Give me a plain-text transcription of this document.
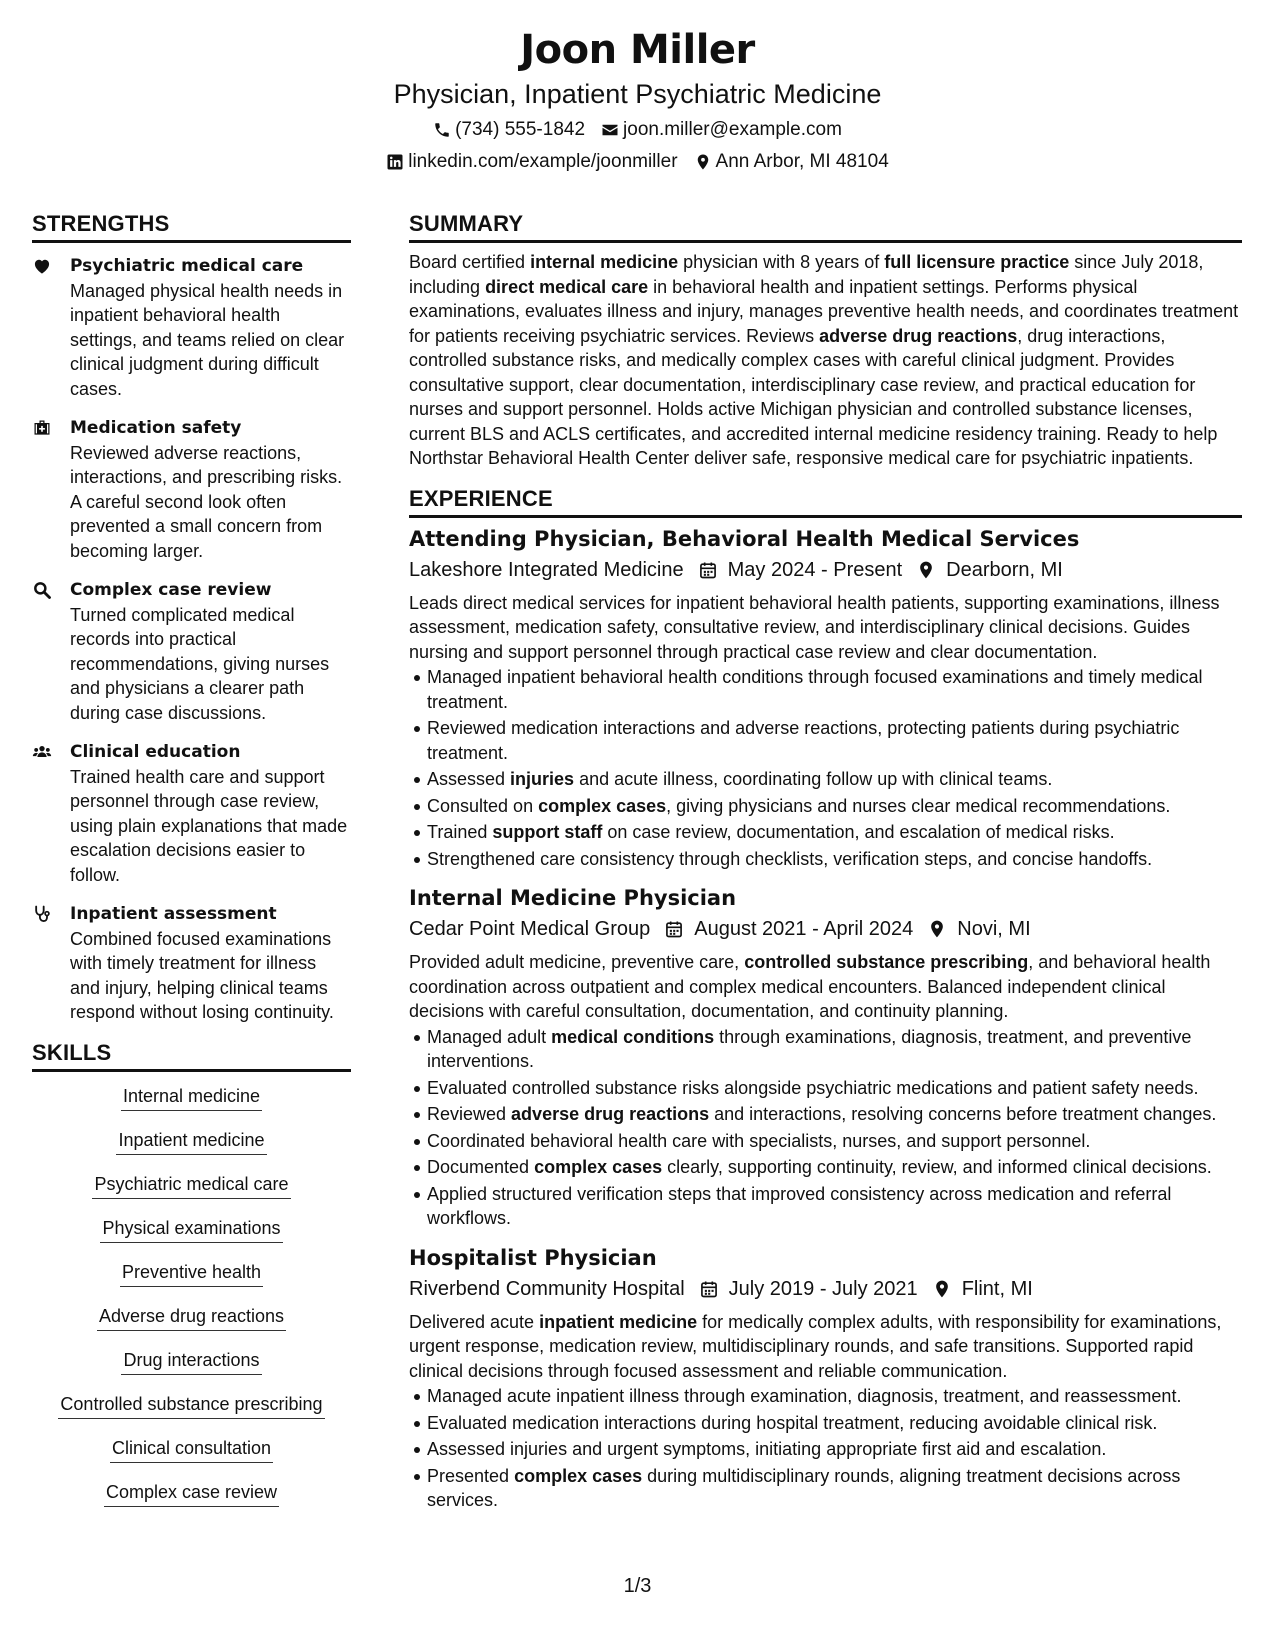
Joon Miller
Physician, Inpatient Psychiatric Medicine
(734) 555-1842 joon.miller@example.com
linkedin.com/example/joonmiller Ann Arbor, MI 48104
STRENGTHS
Psychiatric medical care
Managed physical health needs in inpatient behavioral health settings, and teams relied on clear clinical judgment during difficult cases.
Medication safety
Reviewed adverse reactions, interactions, and prescribing risks. A careful second look often prevented a small concern from becoming larger.
Complex case review
Turned complicated medical records into practical recommendations, giving nurses and physicians a clearer path during case discussions.
Clinical education
Trained health care and support personnel through case review, using plain explanations that made escalation decisions easier to follow.
Inpatient assessment
Combined focused examinations with timely treatment for illness and injury, helping clinical teams respond without losing continuity.
SKILLS
Internal medicine
Inpatient medicine
Psychiatric medical care
Physical examinations
Preventive health
Adverse drug reactions
Drug interactions
Controlled substance prescribing
Clinical consultation
Complex case review
SUMMARY
Board certified internal medicine physician with 8 years of full licensure practice since July 2018, including direct medical care in behavioral health and inpatient settings. Performs physical examinations, evaluates illness and injury, manages preventive health needs, and coordinates treatment for patients receiving psychiatric services. Reviews adverse drug reactions, drug interactions, controlled substance risks, and medically complex cases with careful clinical judgment. Provides consultative support, clear documentation, interdisciplinary case review, and practical education for nurses and support personnel. Holds active Michigan physician and controlled substance licenses, current BLS and ACLS certificates, and accredited internal medicine residency training. Ready to help Northstar Behavioral Health Center deliver safe, responsive medical care for psychiatric inpatients.
EXPERIENCE
Attending Physician, Behavioral Health Medical Services
Lakeshore Integrated Medicine May 2024 - Present Dearborn, MI
Leads direct medical services for inpatient behavioral health patients, supporting examinations, illness assessment, medication safety, consultative review, and interdisciplinary clinical decisions. Guides nursing and support personnel through practical case review and clear documentation.
Managed inpatient behavioral health conditions through focused examinations and timely medical treatment.
Reviewed medication interactions and adverse reactions, protecting patients during psychiatric treatment.
Assessed injuries and acute illness, coordinating follow up with clinical teams.
Consulted on complex cases, giving physicians and nurses clear medical recommendations.
Trained support staff on case review, documentation, and escalation of medical risks.
Strengthened care consistency through checklists, verification steps, and concise handoffs.
Internal Medicine Physician
Cedar Point Medical Group August 2021 - April 2024 Novi, MI
Provided adult medicine, preventive care, controlled substance prescribing, and behavioral health coordination across outpatient and complex medical encounters. Balanced independent clinical decisions with careful consultation, documentation, and continuity planning.
Managed adult medical conditions through examinations, diagnosis, treatment, and preventive interventions.
Evaluated controlled substance risks alongside psychiatric medications and patient safety needs.
Reviewed adverse drug reactions and interactions, resolving concerns before treatment changes.
Coordinated behavioral health care with specialists, nurses, and support personnel.
Documented complex cases clearly, supporting continuity, review, and informed clinical decisions.
Applied structured verification steps that improved consistency across medication and referral workflows.
Hospitalist Physician
Riverbend Community Hospital July 2019 - July 2021 Flint, MI
Delivered acute inpatient medicine for medically complex adults, with responsibility for examinations, urgent response, medication review, multidisciplinary rounds, and safe transitions. Supported rapid clinical decisions through focused assessment and reliable communication.
Managed acute inpatient illness through examination, diagnosis, treatment, and reassessment.
Evaluated medication interactions during hospital treatment, reducing avoidable clinical risk.
Assessed injuries and urgent symptoms, initiating appropriate first aid and escalation.
Presented complex cases during multidisciplinary rounds, aligning treatment decisions across services.
1/3
